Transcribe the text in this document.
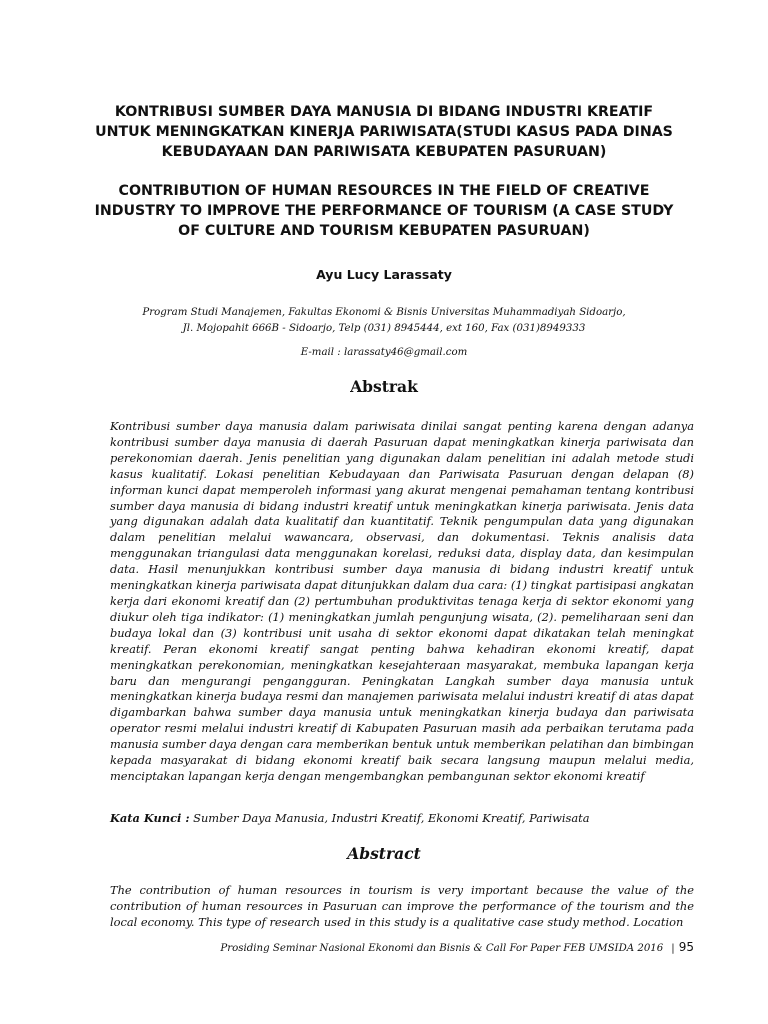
KONTRIBUSI SUMBER DAYA MANUSIA DI BIDANG INDUSTRI KREATIF UNTUK MENINGKATKAN KINERJA PARIWISATA(STUDI KASUS PADA DINAS KEBUDAYAAN DAN PARIWISATA KEBUPATEN PASURUAN)
CONTRIBUTION OF HUMAN RESOURCES IN THE FIELD OF CREATIVE INDUSTRY TO IMPROVE THE PERFORMANCE OF TOURISM (A CASE STUDY OF CULTURE AND TOURISM KEBUPATEN PASURUAN)
Ayu Lucy Larassaty
Program Studi Manajemen, Fakultas Ekonomi & Bisnis Universitas Muhammadiyah Sidoarjo,
Jl. Mojopahit 666B - Sidoarjo, Telp (031) 8945444, ext 160, Fax (031)8949333
E-mail : larassaty46@gmail.com
Abstrak

Kontribusi sumber daya manusia dalam pariwisata dinilai sangat penting karena dengan adanya kontribusi sumber daya manusia di daerah Pasuruan dapat meningkatkan kinerja pariwisata dan perekonomian daerah. Jenis penelitian yang digunakan dalam penelitian ini adalah metode studi kasus kualitatif. Lokasi penelitian Kebudayaan dan Pariwisata Pasuruan dengan delapan (8) informan kunci dapat memperoleh informasi yang akurat mengenai pemahaman tentang kontribusi sumber daya manusia di bidang industri kreatif untuk meningkatkan kinerja pariwisata. Jenis data yang digunakan adalah data kualitatif dan kuantitatif. Teknik pengumpulan data yang digunakan dalam penelitian melalui wawancara, observasi, dan dokumentasi. Teknis analisis data menggunakan triangulasi data menggunakan korelasi, reduksi data, display data, dan kesimpulan data. Hasil menunjukkan kontribusi sumber daya manusia di bidang industri kreatif untuk meningkatkan kinerja pariwisata dapat ditunjukkan dalam dua cara: (1) tingkat partisipasi angkatan kerja dari ekonomi kreatif dan (2) pertumbuhan produktivitas tenaga kerja di sektor ekonomi yang diukur oleh tiga indikator: (1) meningkatkan jumlah pengunjung wisata, (2). pemeliharaan seni dan budaya lokal dan (3) kontribusi unit usaha di sektor ekonomi dapat dikatakan telah meningkat kreatif. Peran ekonomi kreatif sangat penting bahwa kehadiran ekonomi kreatif, dapat meningkatkan perekonomian, meningkatkan kesejahteraan masyarakat, membuka lapangan kerja baru dan mengurangi pengangguran. Peningkatan Langkah sumber daya manusia untuk meningkatkan kinerja budaya resmi dan manajemen pariwisata melalui industri kreatif di atas dapat digambarkan bahwa sumber daya manusia untuk meningkatkan kinerja budaya dan pariwisata operator resmi melalui industri kreatif di Kabupaten Pasuruan masih ada perbaikan terutama pada manusia sumber daya dengan cara memberikan bentuk untuk memberikan pelatihan dan bimbingan kepada masyarakat di bidang ekonomi kreatif baik secara langsung maupun melalui media, menciptakan lapangan kerja dengan mengembangkan pembangunan sektor ekonomi kreatif

Kata Kunci : Sumber Daya Manusia, Industri Kreatif, Ekonomi Kreatif, Pariwisata
Abstract

The contribution of human resources in tourism is very important because the value of the contribution of human resources in Pasuruan can improve the performance of the tourism and the local economy. This type of research used in this study is a qualitative case study method. Location

Prosiding Seminar Nasional Ekonomi dan Bisnis & Call For Paper FEB UMSIDA 2016 | 95
